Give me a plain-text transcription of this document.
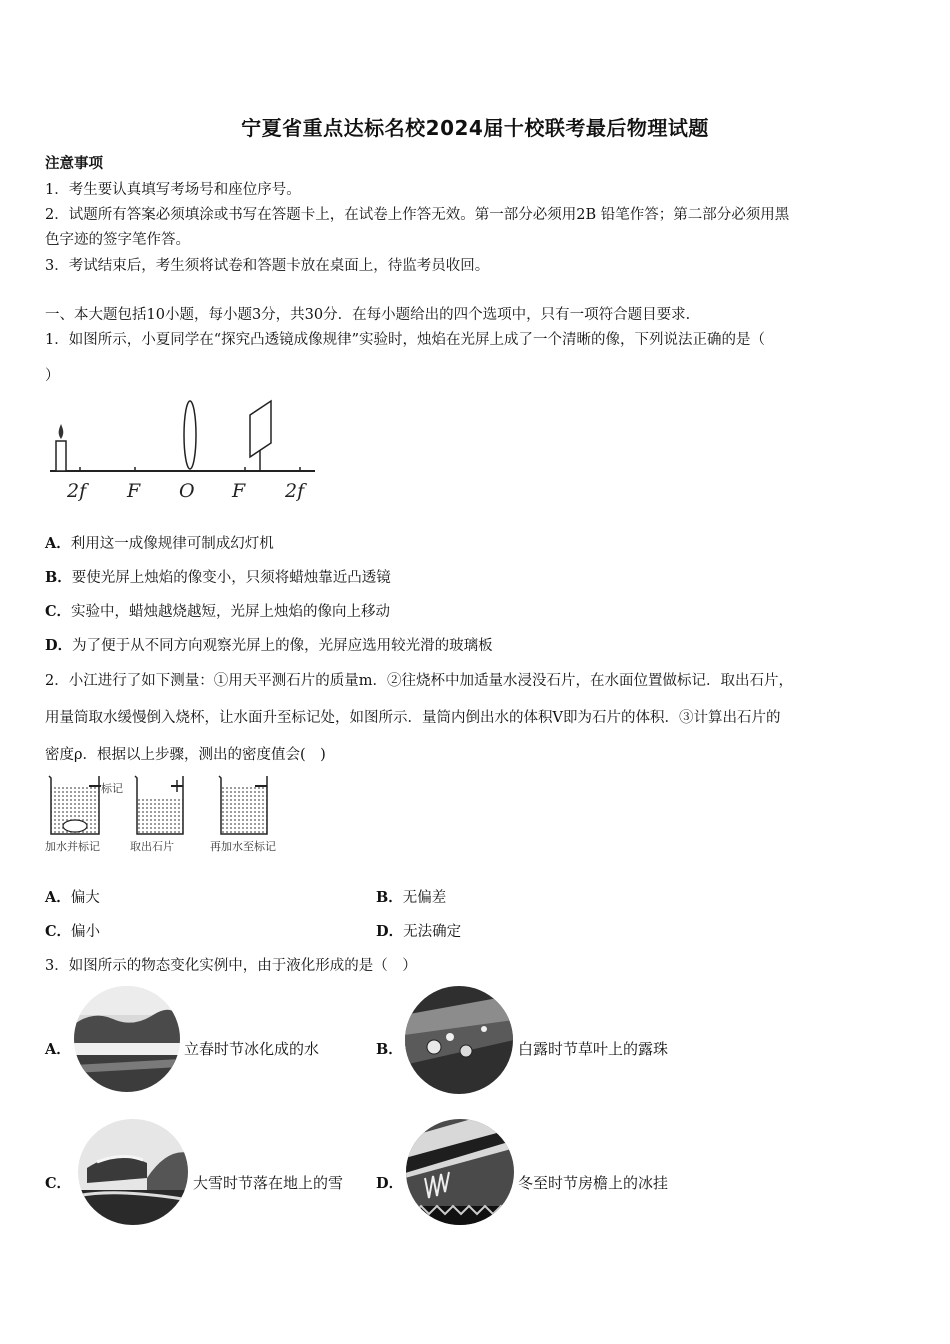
宁夏省重点达标名校2024届十校联考最后物理试题
注意事项
1．考生要认真填写考场号和座位序号。
2．试题所有答案必须填涂或书写在答题卡上，在试卷上作答无效。第一部分必须用2B 铅笔作答；第二部分必须用黑
色字迹的签字笔作答。
3．考试结束后，考生须将试卷和答题卡放在桌面上，待监考员收回。
一、本大题包括10小题，每小题3分，共30分．在每小题给出的四个选项中，只有一项符合题目要求．
1．如图所示，小夏同学在“探究凸透镜成像规律”实验时，烛焰在光屏上成了一个清晰的像，下列说法正确的是（
）
2f F O F 2f
A．利用这一成像规律可制成幻灯机
B．要使光屏上烛焰的像变小，只须将蜡烛靠近凸透镜
C．实验中，蜡烛越烧越短，光屏上烛焰的像向上移动
D．为了便于从不同方向观察光屏上的像，光屏应选用较光滑的玻璃板
2．小江进行了如下测量：①用天平测石片的质量m．②往烧杯中加适量水浸没石片，在水面位置做标记．取出石片，
用量筒取水缓慢倒入烧杯，让水面升至标记处，如图所示．量筒内倒出水的体积V即为石片的体积．③计算出石片的
密度ρ．根据以上步骤，测出的密度值会(　)
标记
加水并标记	取出石片	再加水至标记
A．偏大	B．无偏差
C．偏小	D．无法确定
3．如图所示的物态变化实例中，由于液化形成的是（　）
A．	立春时节冰化成的水	B．	白露时节草叶上的露珠
C．	大雪时节落在地上的雪 D．	冬至时节房檐上的冰挂
